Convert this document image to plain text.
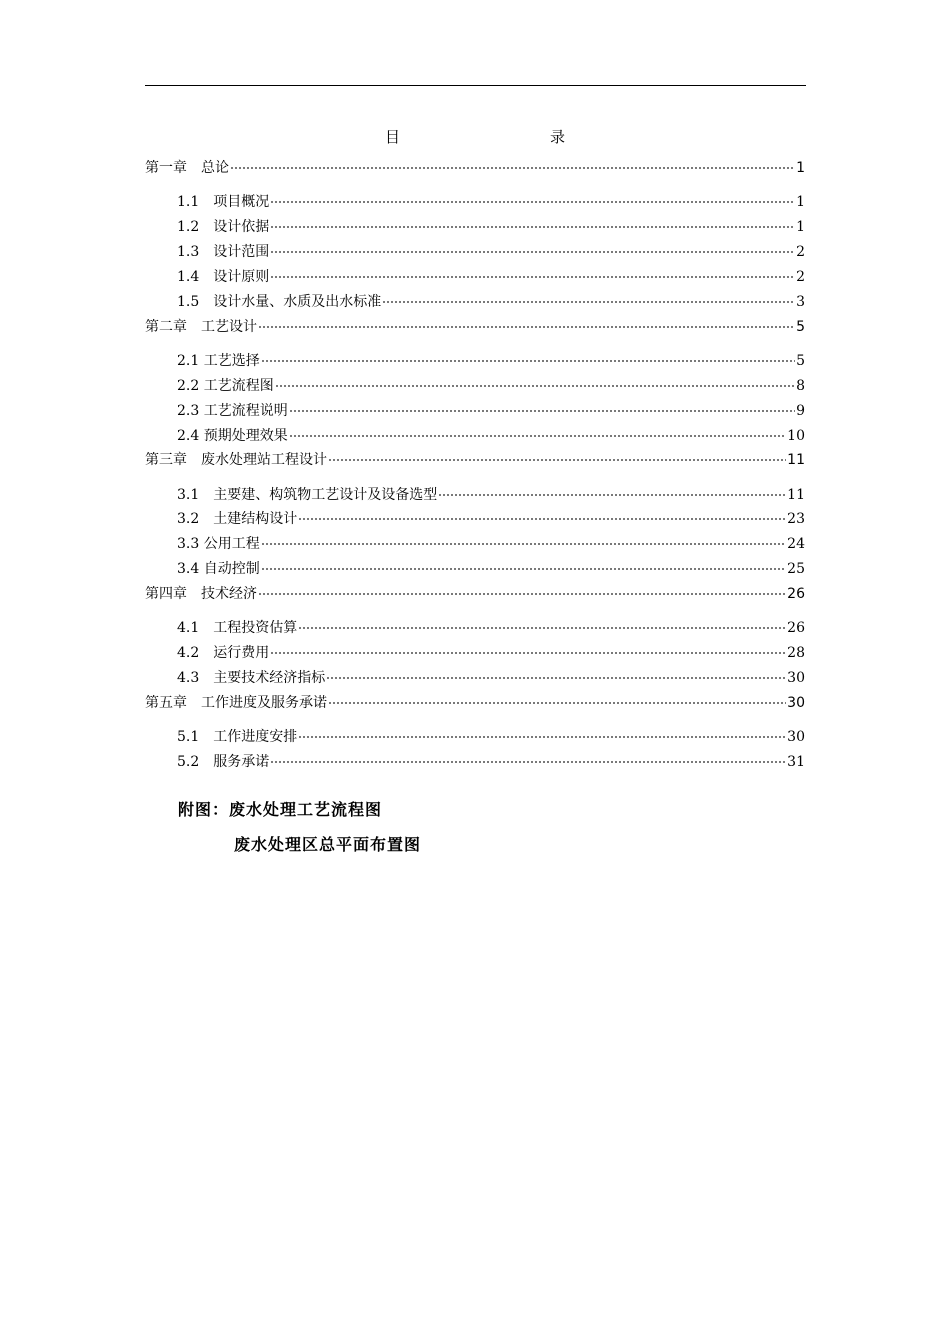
目　　录
第一章　总论	1
1.1　项目概况	1
1.2　设计依据	1
1.3　设计范围	2
1.4　设计原则	2
1.5　设计水量、水质及出水标准	3
第二章　工艺设计	5
2.1 工艺选择	5
2.2 工艺流程图	8
2.3 工艺流程说明	9
2.4 预期处理效果	10
第三章　废水处理站工程设计	11
3.1　主要建、构筑物工艺设计及设备选型	11
3.2　土建结构设计	23
3.3 公用工程	24
3.4 自动控制	25
第四章　技术经济	26
4.1　工程投资估算	26
4.2　运行费用	28
4.3　主要技术经济指标	30
第五章　工作进度及服务承诺	30
5.1　工作进度安排	30
5.2　服务承诺	31
附图：废水处理工艺流程图
废水处理区总平面布置图
